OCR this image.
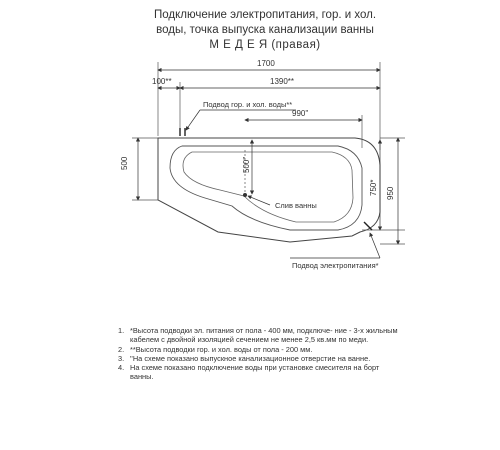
Подключение электропитания, гор. и хол.
воды, точка выпуска канализации ванны
М Е Д Е Я (правая)
1700
100**	1390**
990''
500	500''
750* 950
Подвод гор. и хол. воды**
Слив ванны
Подвод электропитания*
1. *Высота подводки эл. питания от пола - 400 мм, подключе- ние - 3-х жильным кабелем с двойной изоляцией сечением не менее 2,5 кв.мм по меди.
2. **Высота подводки гор. и хол. воды от пола - 200 мм.
3. ''На схеме показано выпускное канализационное отверстие на ванне.
4. На схеме показано подключение воды при установке смесителя на борт ванны.
